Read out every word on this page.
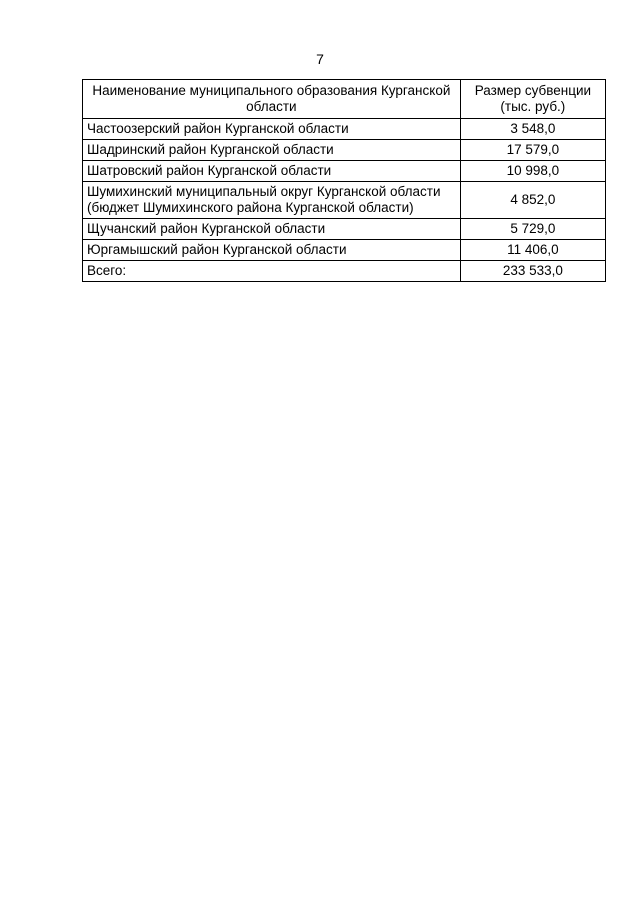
7
Наименование муниципального образования Курганской области	Размер субвенции (тыс. руб.)
Частоозерский район Курганской области	3 548,0
Шадринский район Курганской области	17 579,0
Шатровский район Курганской области	10 998,0
Шумихинский муниципальный округ Курганской области (бюджет Шумихинского района Курганской области)	4 852,0
Щучанский район Курганской области	5 729,0
Юргамышский район Курганской области	11 406,0
Всего:	233 533,0
